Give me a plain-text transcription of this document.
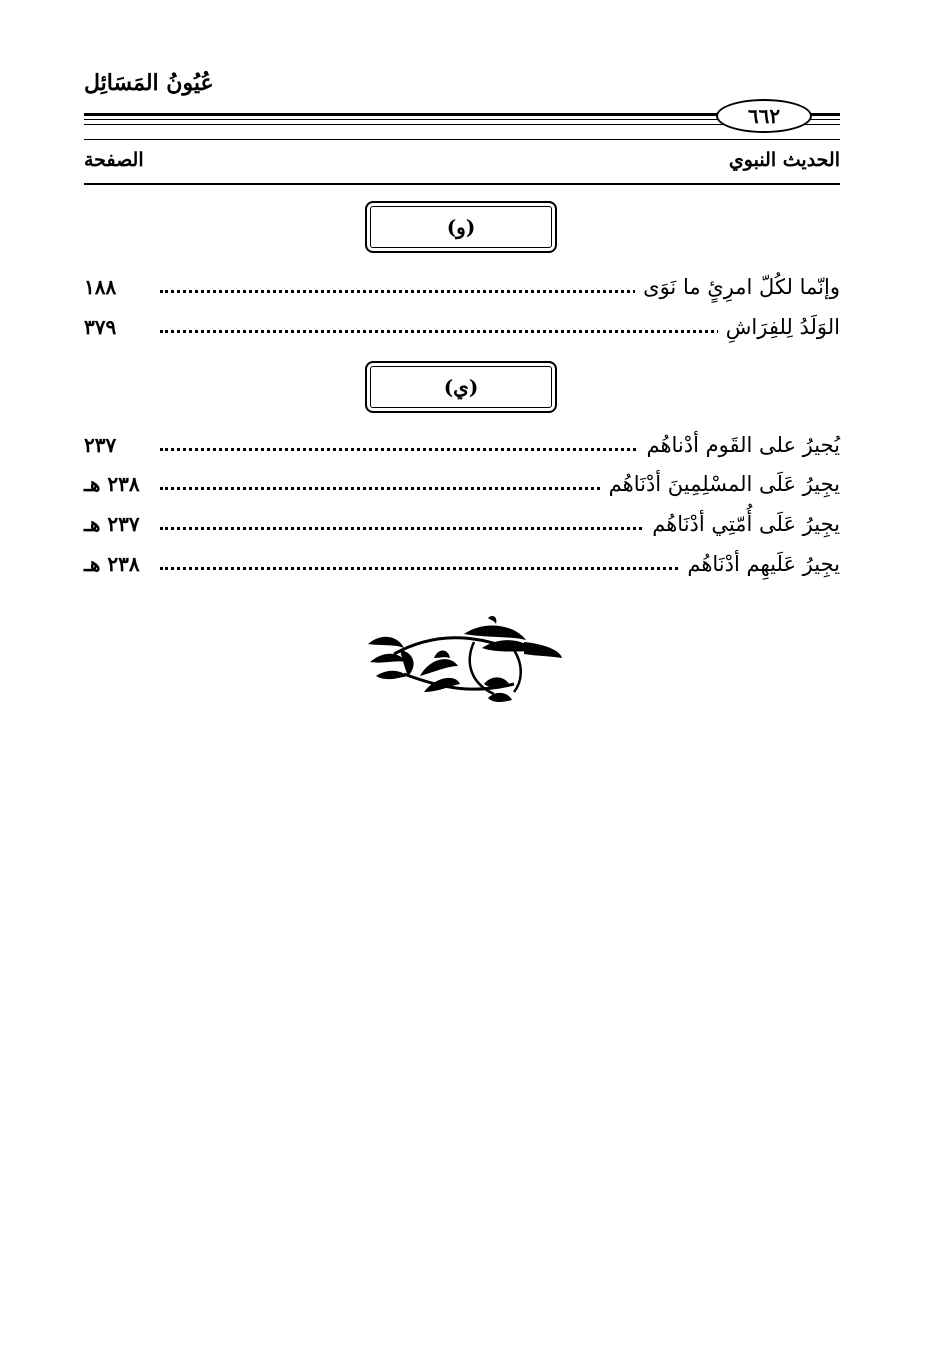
عُيُونُ المَسَائِل
٦٦٢
الحديث النبوي
الصفحة
(و)
وإنّما لكُلّ امرِئٍ ما نَوَى
١٨٨
الوَلَدُ لِلفِرَاشِ
٣٧٩
(ي)
يُجيرُ على القَوم أدْناهُم
٢٣٧
يجِيرُ عَلَى المسْلِمِينَ أدْنَاهُم
٢٣٨ هـ
يجِيرُ عَلَى أُمّتِي أدْنَاهُم
٢٣٧ هـ
يجِيرُ عَلَيهِم أدْنَاهُم
٢٣٨ هـ
